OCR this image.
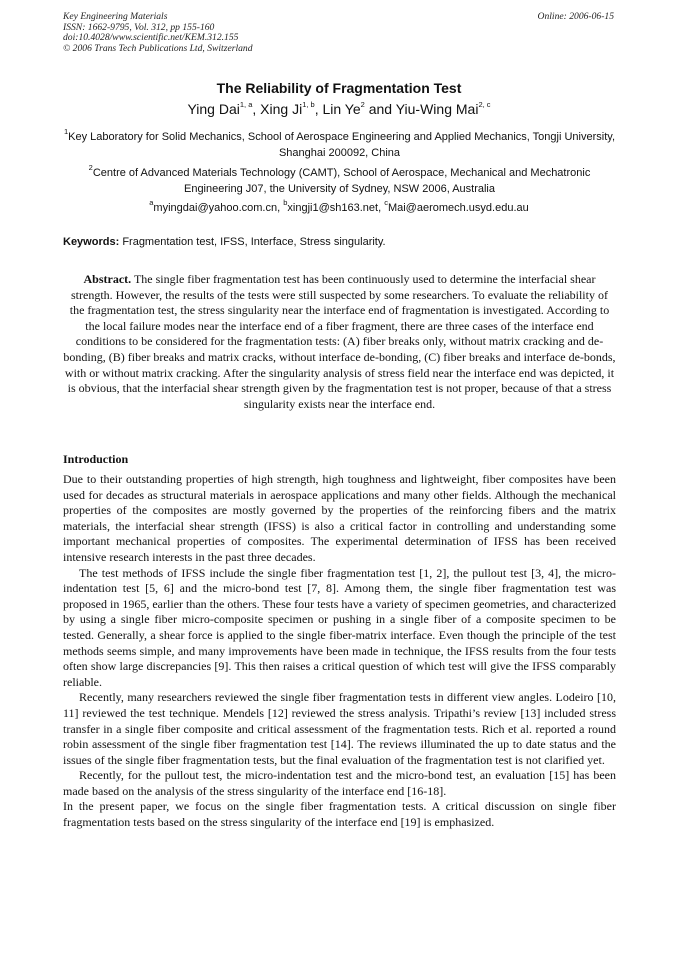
Key Engineering Materials
ISSN: 1662-9795, Vol. 312, pp 155-160
doi:10.4028/www.scientific.net/KEM.312.155
© 2006 Trans Tech Publications Ltd, Switzerland
Online: 2006-06-15
The Reliability of Fragmentation Test
Ying Dai$^{1, a}$, Xing Ji$^{1, b}$, Lin Ye$^2$ and Yiu-Wing Mai$^{2, c}$
$^1$Key Laboratory for Solid Mechanics, School of Aerospace Engineering and Applied Mechanics, Tongji University, Shanghai 200092, China
$^2$Centre of Advanced Materials Technology (CAMT), School of Aerospace, Mechanical and Mechatronic Engineering J07, the University of Sydney, NSW 2006, Australia
$^a$myingdai@yahoo.com.cn, $^b$xingji1@sh163.net, $^c$Mai@aeromech.usyd.edu.au
Keywords: Fragmentation test, IFSS, Interface, Stress singularity.
Abstract. The single fiber fragmentation test has been continuously used to determine the interfacial shear strength. However, the results of the tests were still suspected by some researchers. To evaluate the reliability of the fragmentation test, the stress singularity near the interface end of fragmentation is investigated. According to the local failure modes near the interface end of a fiber fragment, there are three cases of the interface end conditions to be considered for the fragmentation tests: (A) fiber breaks only, without matrix cracking and de-bonding, (B) fiber breaks and matrix cracks, without interface de-bonding, (C) fiber breaks and interface de-bonds, with or without matrix cracking. After the singularity analysis of stress field near the interface end was depicted, it is obvious, that the interfacial shear strength given by the fragmentation test is not proper, because of that a stress singularity exists near the interface end.
Introduction

Due to their outstanding properties of high strength, high toughness and lightweight, fiber composites have been used for decades as structural materials in aerospace applications and many other fields. Although the mechanical properties of the composites are mostly governed by the properties of the reinforcing fibers and the matrix materials, the interfacial shear strength (IFSS) is also a critical factor in controlling and understanding some important mechanical properties of composites. The experimental determination of IFSS has been received intensive research interests in the past three decades.

The test methods of IFSS include the single fiber fragmentation test [1, 2], the pullout test [3, 4], the micro-indentation test [5, 6] and the micro-bond test [7, 8]. Among them, the single fiber fragmentation test was proposed in 1965, earlier than the others. These four tests have a variety of specimen geometries, and characterized by using a single fiber micro-composite specimen or pushing in a single fiber of a composite specimen to be tested. Generally, a shear force is applied to the single fiber-matrix interface. Even though the principle of the test methods seems simple, and many improvements have been made in technique, the IFSS results from the four tests often show large discrepancies [9]. This then raises a critical question of which test will give the IFSS comparably reliable.

Recently, many researchers reviewed the single fiber fragmentation tests in different view angles. Lodeiro [10, 11] reviewed the test technique. Mendels [12] reviewed the stress analysis. Tripathi’s review [13] included stress transfer in a single fiber composite and critical assessment of the fragmentation tests. Rich et al. reported a round robin assessment of the single fiber fragmentation test [14]. The reviews illuminated the up to date status and the issues of the single fiber fragmentation tests, but the final evaluation of the fragmentation test is not clarified yet.

Recently, for the pullout test, the micro-indentation test and the micro-bond test, an evaluation [15] has been made based on the analysis of the stress singularity of the interface end [16-18].

In the present paper, we focus on the single fiber fragmentation tests. A critical discussion on single fiber fragmentation tests based on the stress singularity of the interface end [19] is emphasized.
